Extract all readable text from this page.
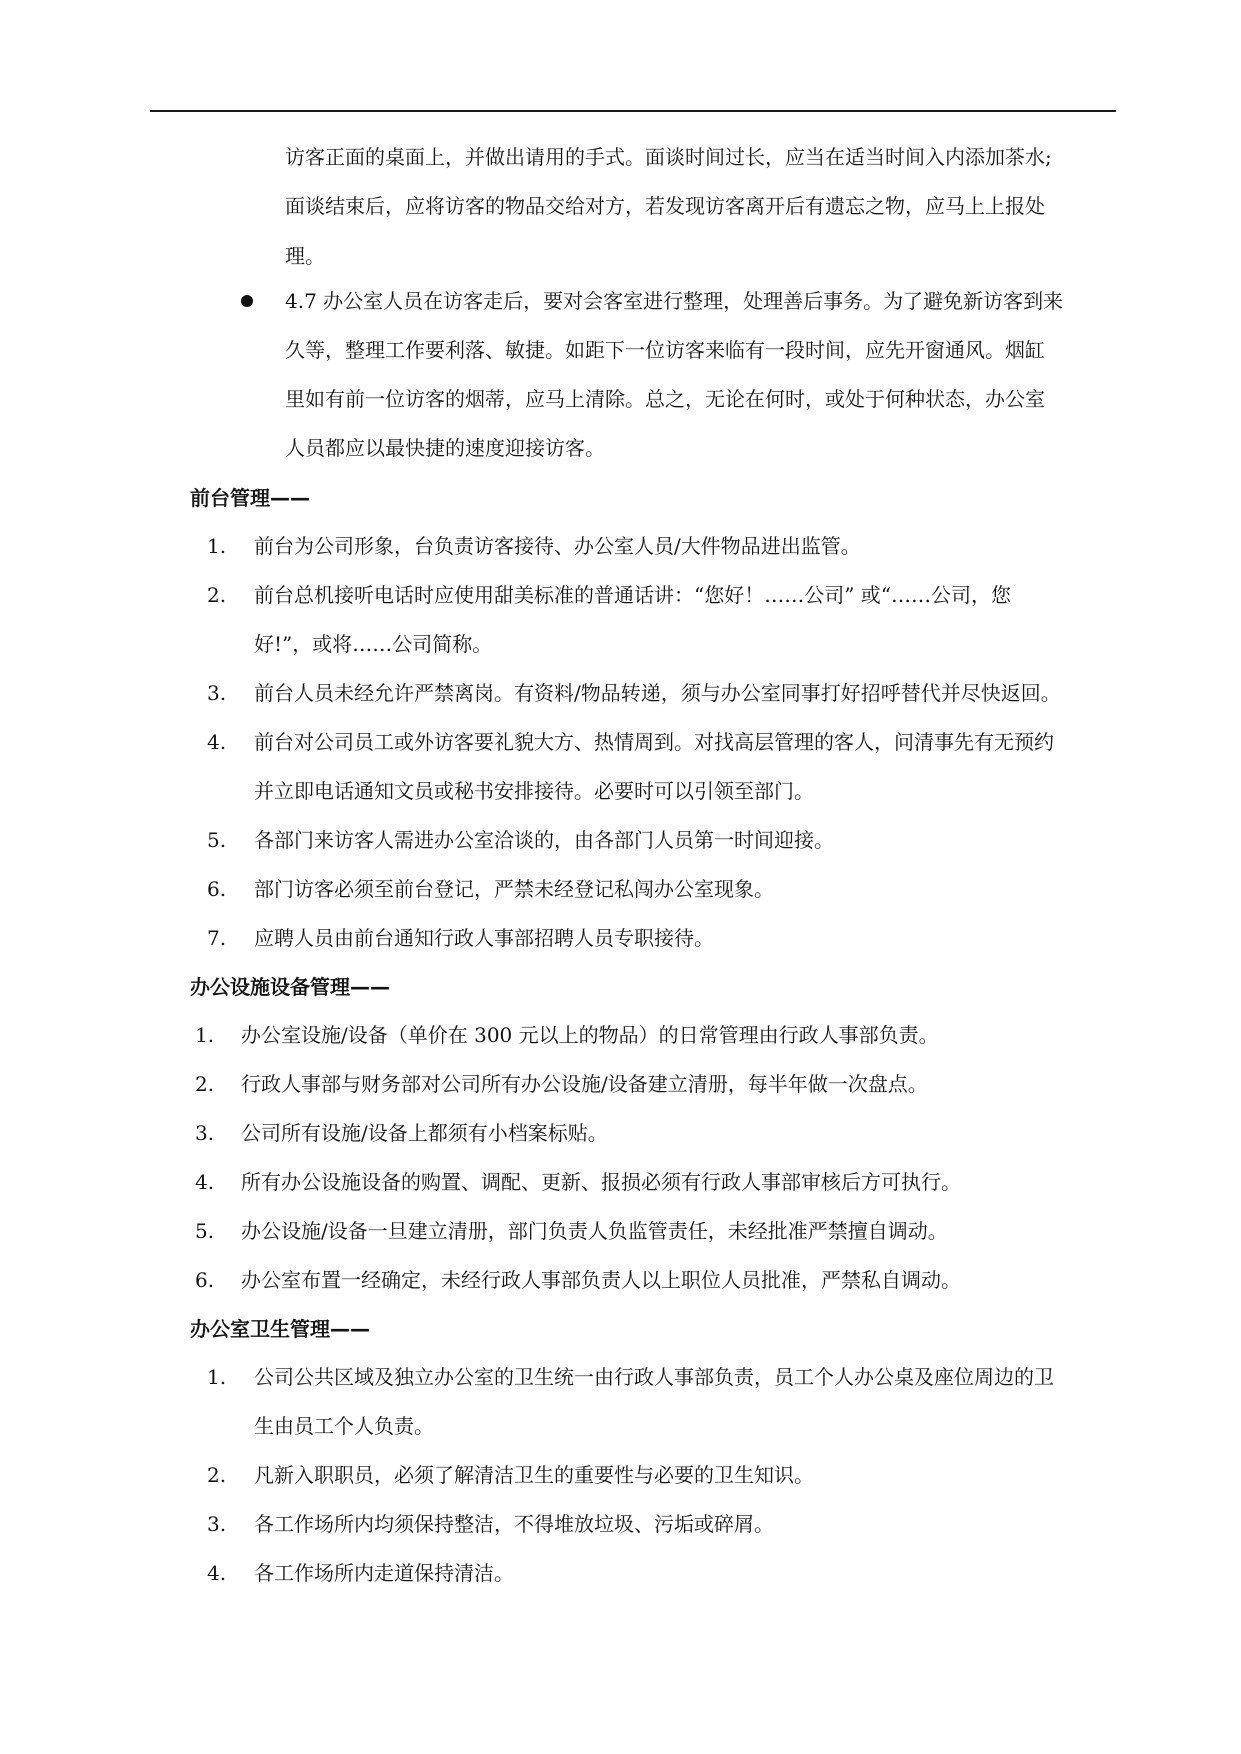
访客正面的桌面上，并做出请用的手式。面谈时间过长，应当在适当时间入内添加茶水;
面谈结束后，应将访客的物品交给对方，若发现访客离开后有遗忘之物，应马上上报处
理。
4.7 办公室人员在访客走后，要对会客室进行整理，处理善后事务。为了避免新访客到来
久等，整理工作要利落、敏捷。如距下一位访客来临有一段时间，应先开窗通风。烟缸
里如有前一位访客的烟蒂，应马上清除。总之，无论在何时，或处于何种状态，办公室
人员都应以最快捷的速度迎接访客。
前台管理——
1. 前台为公司形象，台负责访客接待、办公室人员/大件物品进出监管。
2. 前台总机接听电话时应使用甜美标准的普通话讲：“您好！……公司” 或“……公司，您
好!”，或将……公司简称。
3. 前台人员未经允许严禁离岗。有资料/物品转递，须与办公室同事打好招呼替代并尽快返回。
4. 前台对公司员工或外访客要礼貌大方、热情周到。对找高层管理的客人，问清事先有无预约
并立即电话通知文员或秘书安排接待。必要时可以引领至部门。
5. 各部门来访客人需进办公室洽谈的，由各部门人员第一时间迎接。
6. 部门访客必须至前台登记，严禁未经登记私闯办公室现象。
7. 应聘人员由前台通知行政人事部招聘人员专职接待。
办公设施设备管理——
1. 办公室设施/设备（单价在 300 元以上的物品）的日常管理由行政人事部负责。
2. 行政人事部与财务部对公司所有办公设施/设备建立清册，每半年做一次盘点。
3. 公司所有设施/设备上都须有小档案标贴。
4. 所有办公设施设备的购置、调配、更新、报损必须有行政人事部审核后方可执行。
5. 办公设施/设备一旦建立清册，部门负责人负监管责任，未经批准严禁擅自调动。
6. 办公室布置一经确定，未经行政人事部负责人以上职位人员批准，严禁私自调动。
办公室卫生管理——
1. 公司公共区域及独立办公室的卫生统一由行政人事部负责，员工个人办公桌及座位周边的卫
生由员工个人负责。
2. 凡新入职职员，必须了解清洁卫生的重要性与必要的卫生知识。
3. 各工作场所内均须保持整洁，不得堆放垃圾、污垢或碎屑。
4. 各工作场所内走道保持清洁。
